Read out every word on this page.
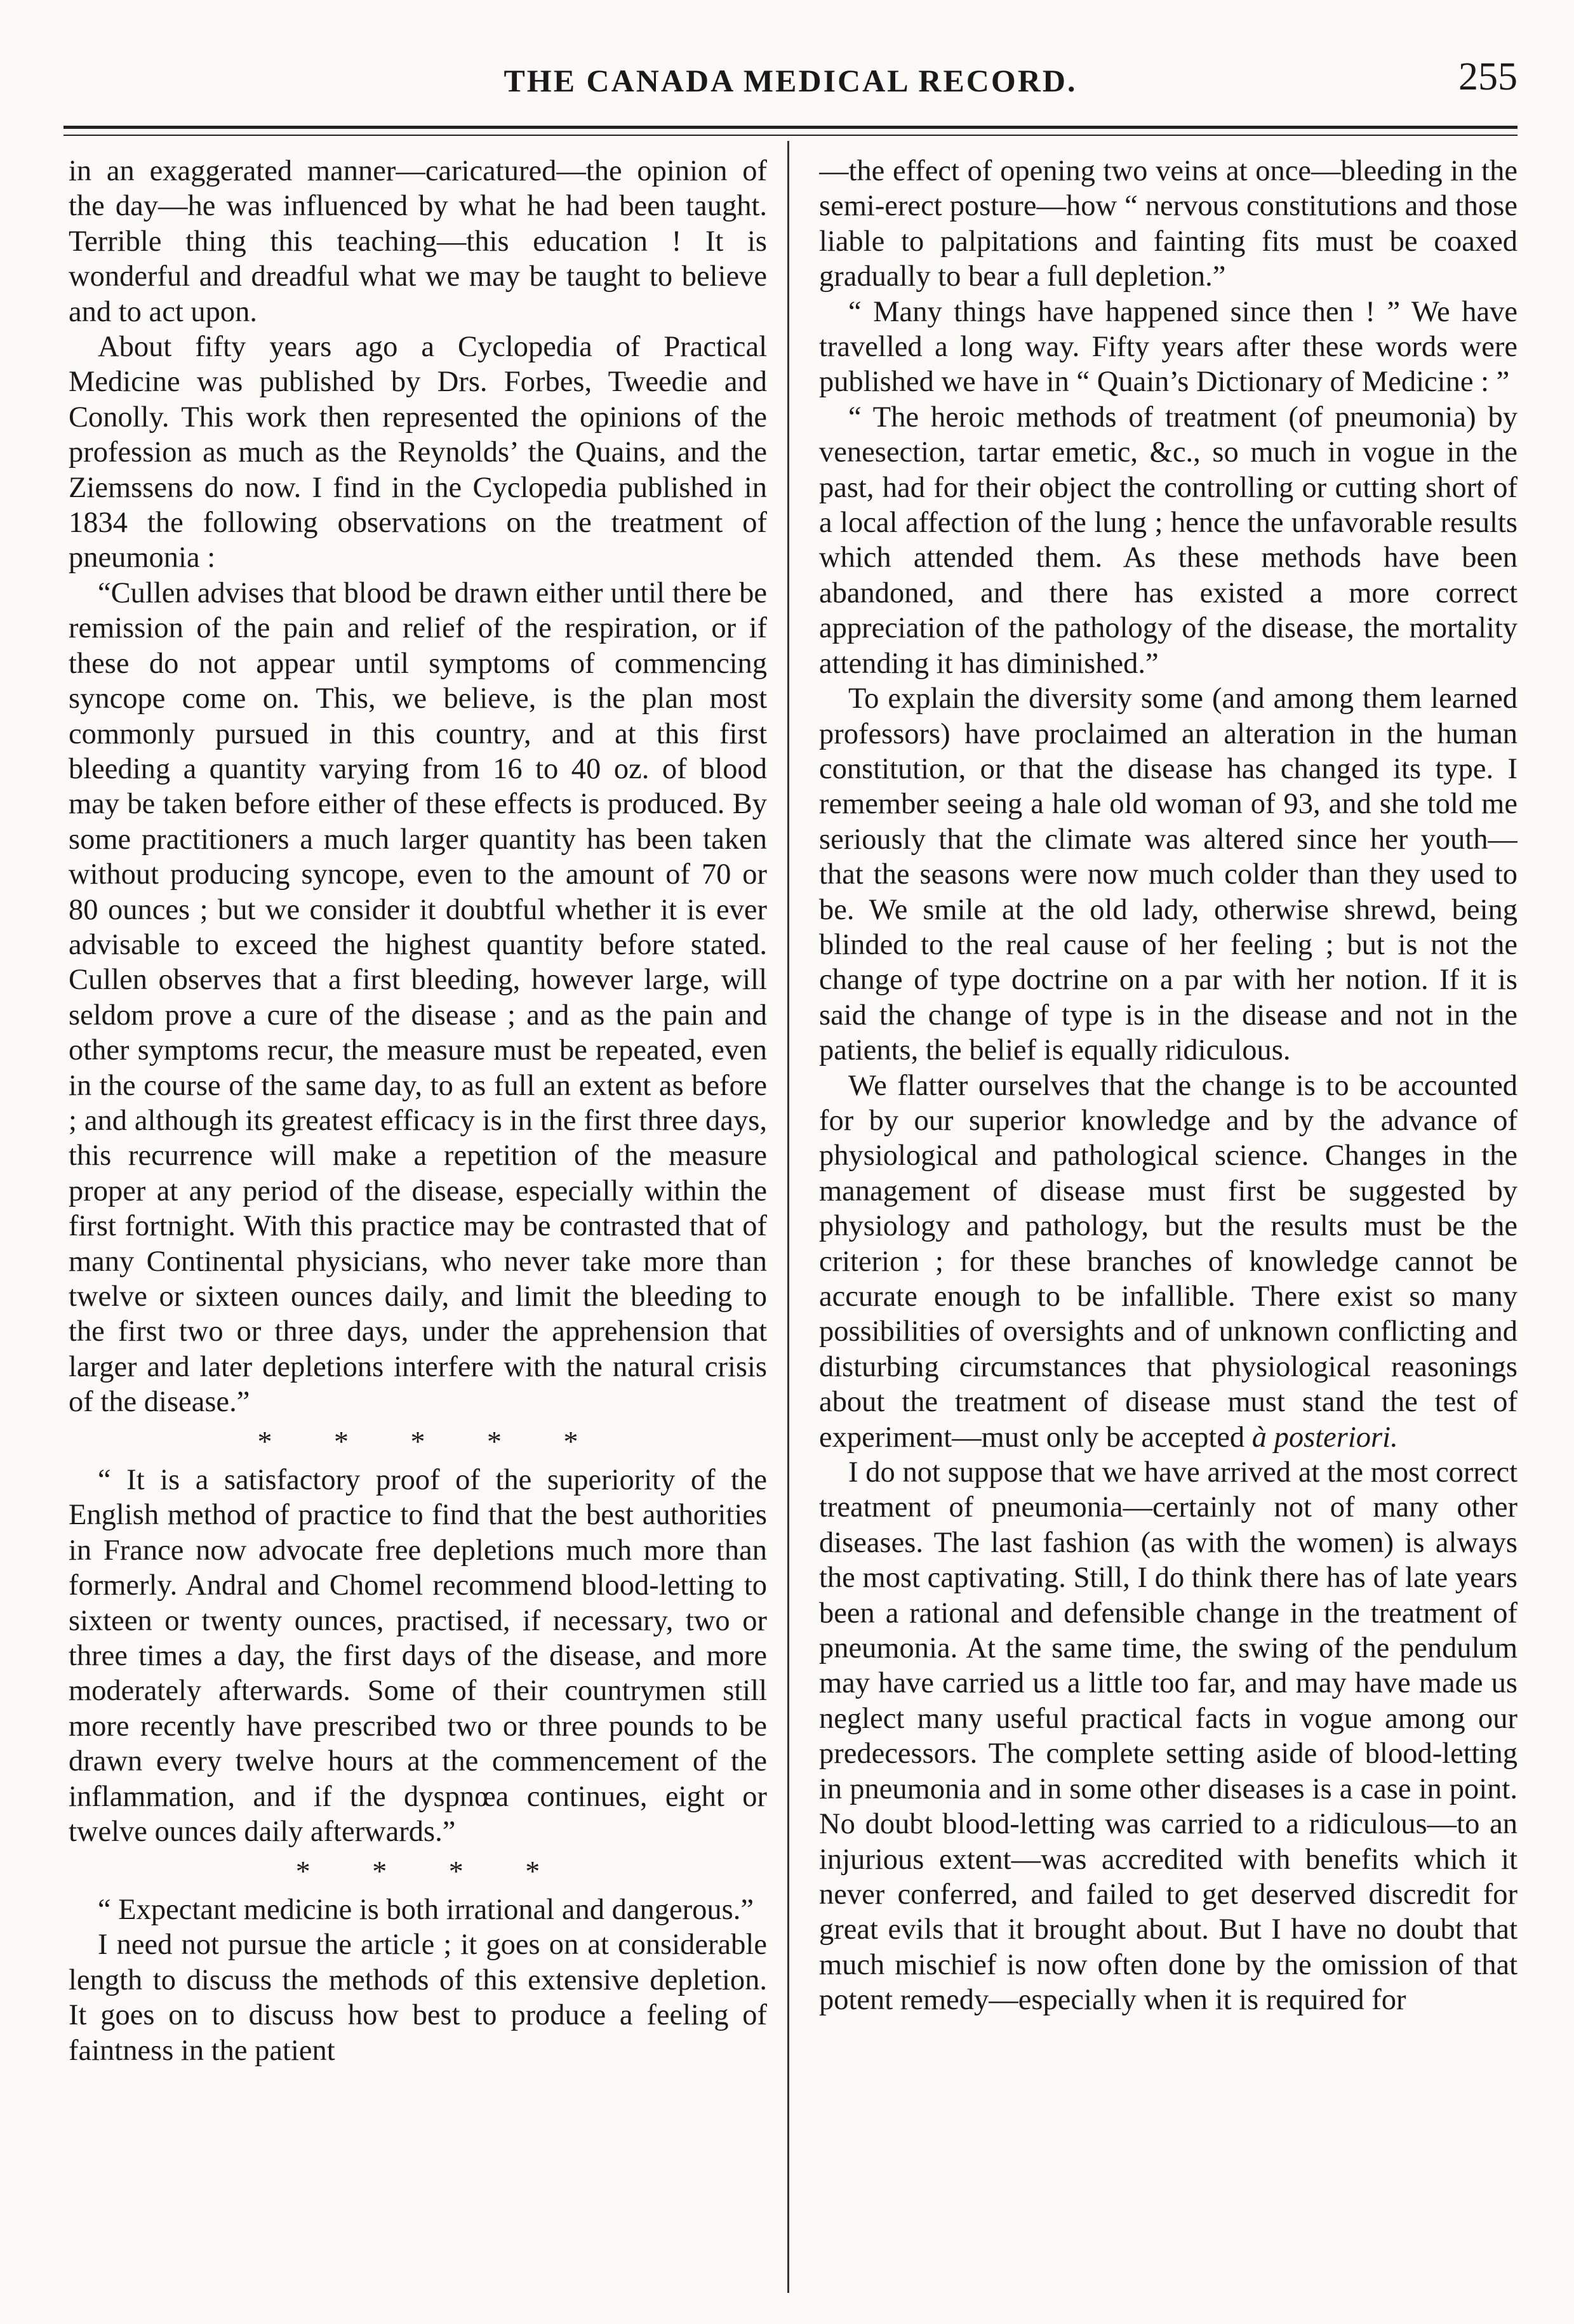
THE CANADA MEDICAL RECORD.	255

in an exaggerated manner—caricatured—the opinion of the day—he was influenced by what he had been taught. Terrible thing this teaching—this education ! It is wonderful and dreadful what we may be taught to believe and to act upon.

About fifty years ago a Cyclopedia of Practical Medicine was published by Drs. Forbes, Tweedie and Conolly. This work then represented the opinions of the profession as much as the Reynolds’ the Quains, and the Ziemssens do now. I find in the Cyclopedia published in 1834 the following observations on the treatment of pneumonia :

“Cullen advises that blood be drawn either until there be remission of the pain and relief of the respiration, or if these do not appear until symptoms of commencing syncope come on. This, we believe, is the plan most commonly pursued in this country, and at this first bleeding a quantity varying from 16 to 40 oz. of blood may be taken before either of these effects is produced. By some practitioners a much larger quantity has been taken without producing syncope, even to the amount of 70 or 80 ounces ; but we consider it doubtful whether it is ever advisable to exceed the highest quantity before stated. Cullen observes that a first bleeding, however large, will seldom prove a cure of the disease ; and as the pain and other symptoms recur, the measure must be repeated, even in the course of the same day, to as full an extent as before ; and although its greatest efficacy is in the first three days, this recurrence will make a repetition of the measure proper at any period of the disease, especially within the first fortnight. With this practice may be contrasted that of many Continental physicians, who never take more than twelve or sixteen ounces daily, and limit the bleeding to the first two or three days, under the apprehension that larger and later depletions interfere with the natural crisis of the disease.”

* * * * *

“ It is a satisfactory proof of the superiority of the English method of practice to find that the best authorities in France now advocate free depletions much more than formerly. Andral and Chomel recommend blood-letting to sixteen or twenty ounces, practised, if necessary, two or three times a day, the first days of the disease, and more moderately afterwards. Some of their countrymen still more recently have prescribed two or three pounds to be drawn every twelve hours at the commencement of the inflammation, and if the dyspnœa continues, eight or twelve ounces daily afterwards.”

* * * *

“ Expectant medicine is both irrational and dangerous.”

I need not pursue the article ; it goes on at considerable length to discuss the methods of this extensive depletion. It goes on to discuss how best to produce a feeling of faintness in the patient

—the effect of opening two veins at once—bleeding in the semi-erect posture—how “ nervous constitutions and those liable to palpitations and fainting fits must be coaxed gradually to bear a full depletion.”

“ Many things have happened since then ! ” We have travelled a long way. Fifty years after these words were published we have in “ Quain’s Dictionary of Medicine : ”

“ The heroic methods of treatment (of pneumonia) by venesection, tartar emetic, &c., so much in vogue in the past, had for their object the controlling or cutting short of a local affection of the lung ; hence the unfavorable results which attended them. As these methods have been abandoned, and there has existed a more correct appreciation of the pathology of the disease, the mortality attending it has diminished.”

To explain the diversity some (and among them learned professors) have proclaimed an alteration in the human constitution, or that the disease has changed its type. I remember seeing a hale old woman of 93, and she told me seriously that the climate was altered since her youth—that the seasons were now much colder than they used to be. We smile at the old lady, otherwise shrewd, being blinded to the real cause of her feeling ; but is not the change of type doctrine on a par with her notion. If it is said the change of type is in the disease and not in the patients, the belief is equally ridiculous.

We flatter ourselves that the change is to be accounted for by our superior knowledge and by the advance of physiological and pathological science. Changes in the management of disease must first be suggested by physiology and pathology, but the results must be the criterion ; for these branches of knowledge cannot be accurate enough to be infallible. There exist so many possibilities of oversights and of unknown conflicting and disturbing circumstances that physiological reasonings about the treatment of disease must stand the test of experiment—must only be accepted à posteriori.

I do not suppose that we have arrived at the most correct treatment of pneumonia—certainly not of many other diseases. The last fashion (as with the women) is always the most captivating. Still, I do think there has of late years been a rational and defensible change in the treatment of pneumonia. At the same time, the swing of the pendulum may have carried us a little too far, and may have made us neglect many useful practical facts in vogue among our predecessors. The complete setting aside of blood-letting in pneumonia and in some other diseases is a case in point. No doubt blood-letting was carried to a ridiculous—to an injurious extent—was accredited with benefits which it never conferred, and failed to get deserved discredit for great evils that it brought about. But I have no doubt that much mischief is now often done by the omission of that potent remedy—especially when it is required for
